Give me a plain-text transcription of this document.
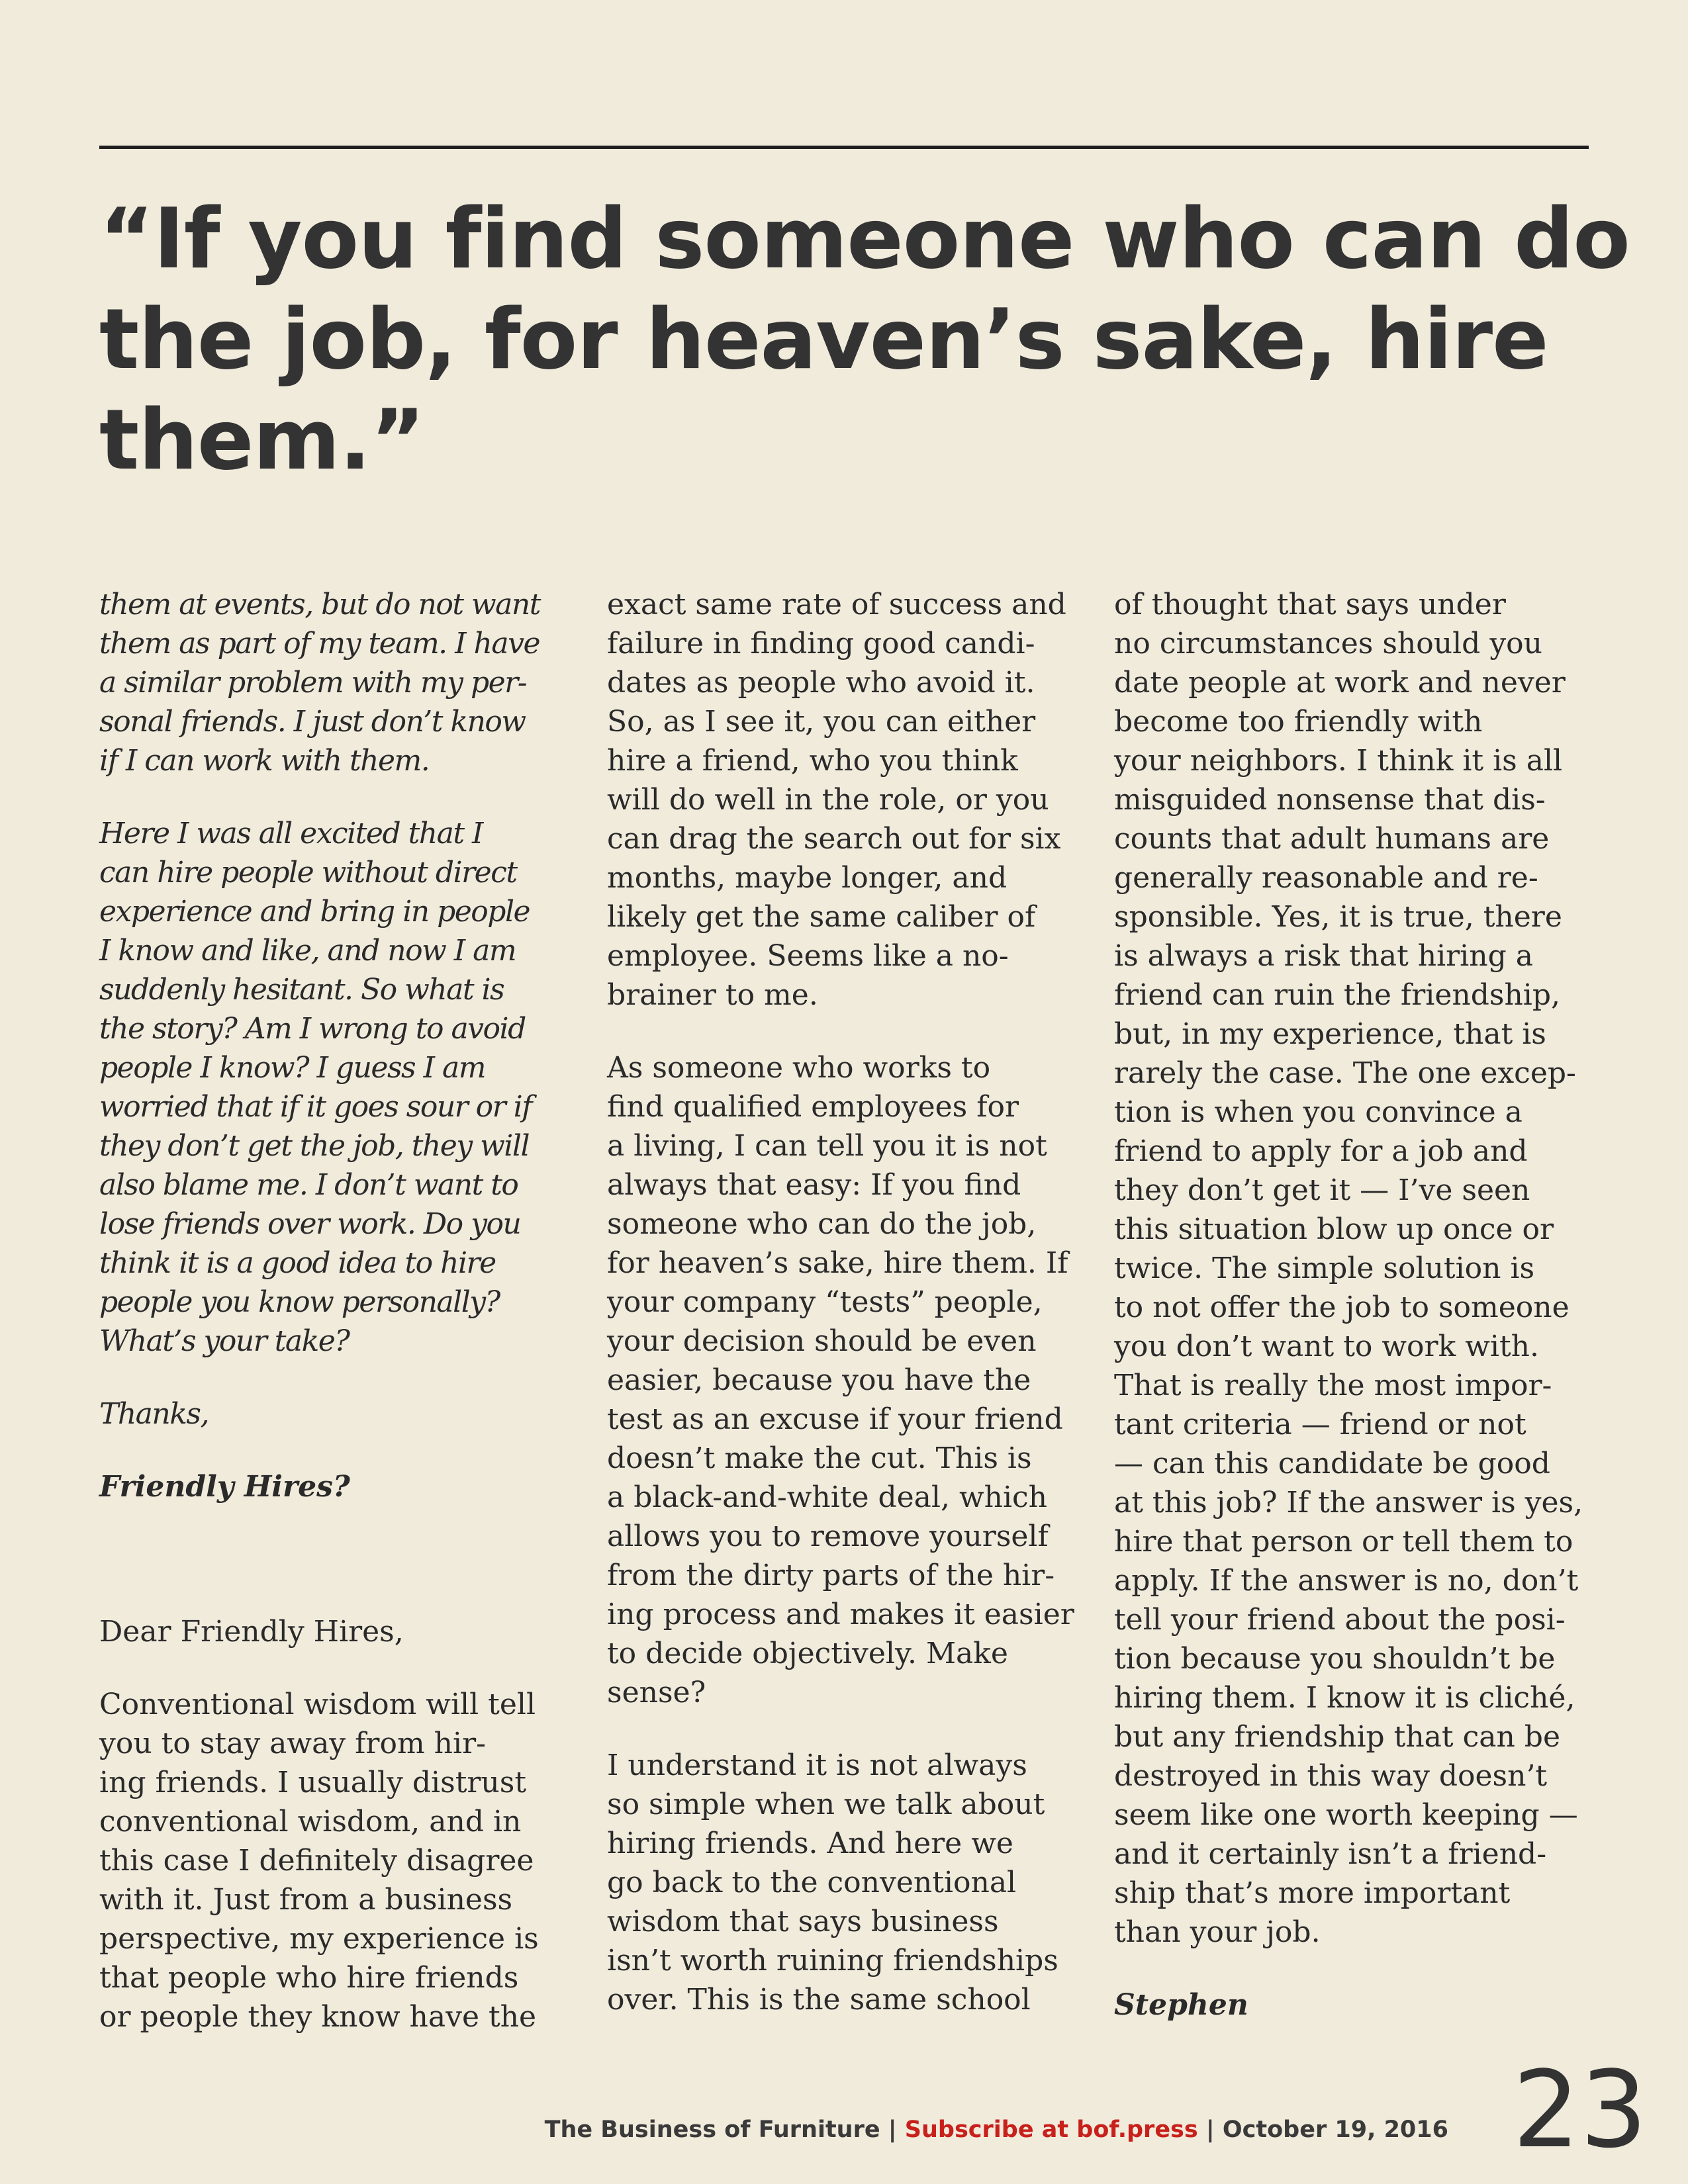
“If you find someone who can do
the job, for heaven’s sake, hire
them.”

them at events, but do not want
them as part of my team. I have
a similar problem with my per-
sonal friends. I just don’t know
if I can work with them.

Here I was all excited that I
can hire people without direct
experience and bring in people
I know and like, and now I am
suddenly hesitant. So what is
the story? Am I wrong to avoid
people I know? I guess I am
worried that if it goes sour or if
they don’t get the job, they will
also blame me. I don’t want to
lose friends over work. Do you
think it is a good idea to hire
people you know personally?
What’s your take?

Thanks,

Friendly Hires?

Dear Friendly Hires,

Conventional wisdom will tell
you to stay away from hir-
ing friends. I usually distrust
conventional wisdom, and in
this case I definitely disagree
with it. Just from a business
perspective, my experience is
that people who hire friends
or people they know have the

exact same rate of success and
failure in finding good candi-
dates as people who avoid it.
So, as I see it, you can either
hire a friend, who you think
will do well in the role, or you
can drag the search out for six
months, maybe longer, and
likely get the same caliber of
employee. Seems like a no-
brainer to me.

As someone who works to
find qualified employees for
a living, I can tell you it is not
always that easy: If you find
someone who can do the job,
for heaven’s sake, hire them. If
your company “tests” people,
your decision should be even
easier, because you have the
test as an excuse if your friend
doesn’t make the cut. This is
a black-and-white deal, which
allows you to remove yourself
from the dirty parts of the hir-
ing process and makes it easier
to decide objectively. Make
sense?

I understand it is not always
so simple when we talk about
hiring friends. And here we
go back to the conventional
wisdom that says business
isn’t worth ruining friendships
over. This is the same school

of thought that says under
no circumstances should you
date people at work and never
become too friendly with
your neighbors. I think it is all
misguided nonsense that dis-
counts that adult humans are
generally reasonable and re-
sponsible. Yes, it is true, there
is always a risk that hiring a
friend can ruin the friendship,
but, in my experience, that is
rarely the case. The one excep-
tion is when you convince a
friend to apply for a job and
they don’t get it — I’ve seen
this situation blow up once or
twice. The simple solution is
to not offer the job to someone
you don’t want to work with.
That is really the most impor-
tant criteria — friend or not
— can this candidate be good
at this job? If the answer is yes,
hire that person or tell them to
apply. If the answer is no, don’t
tell your friend about the posi-
tion because you shouldn’t be
hiring them. I know it is cliché,
but any friendship that can be
destroyed in this way doesn’t
seem like one worth keeping —
and it certainly isn’t a friend-
ship that’s more important
than your job.

Stephen

The Business of Furniture | Subscribe at bof.press | October 19, 2016 23
